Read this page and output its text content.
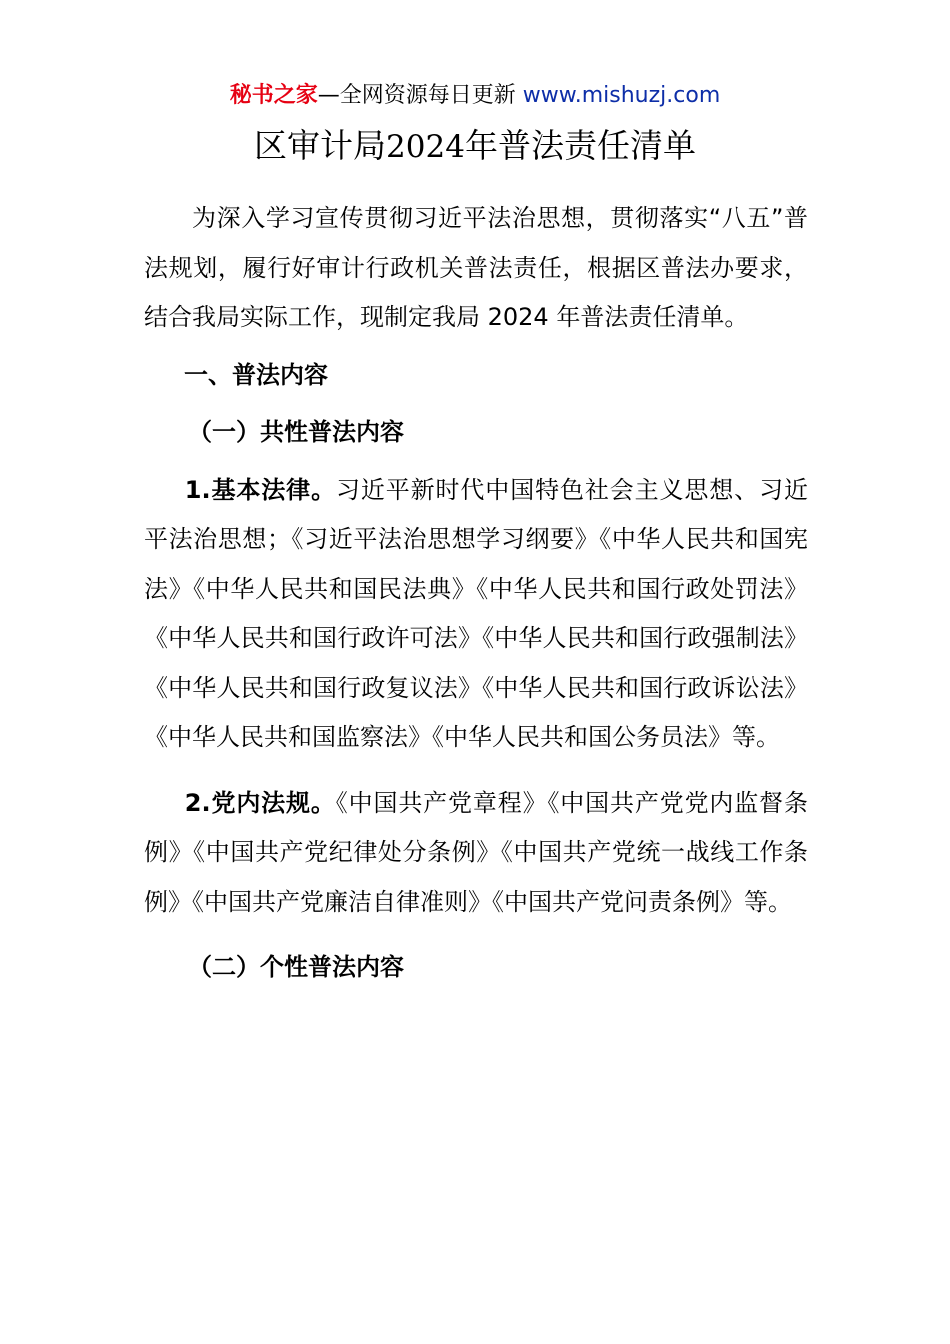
秘书之家—全网资源每日更新 www.mishuzj.com
区审计局2024年普法责任清单

为深入学习宣传贯彻习近平法治思想，贯彻落实“八五”普法规划，履行好审计行政机关普法责任，根据区普法办要求，结合我局实际工作，现制定我局 2024 年普法责任清单。

一、普法内容

（一）共性普法内容

1.基本法律。习近平新时代中国特色社会主义思想、习近平法治思想；《习近平法治思想学习纲要》《中华人民共和国宪法》《中华人民共和国民法典》《中华人民共和国行政处罚法》《中华人民共和国行政许可法》《中华人民共和国行政强制法》《中华人民共和国行政复议法》《中华人民共和国行政诉讼法》《中华人民共和国监察法》《中华人民共和国公务员法》等。

2.党内法规。《中国共产党章程》《中国共产党党内监督条例》《中国共产党纪律处分条例》《中国共产党统一战线工作条例》《中国共产党廉洁自律准则》《中国共产党问责条例》等。

（二）个性普法内容
